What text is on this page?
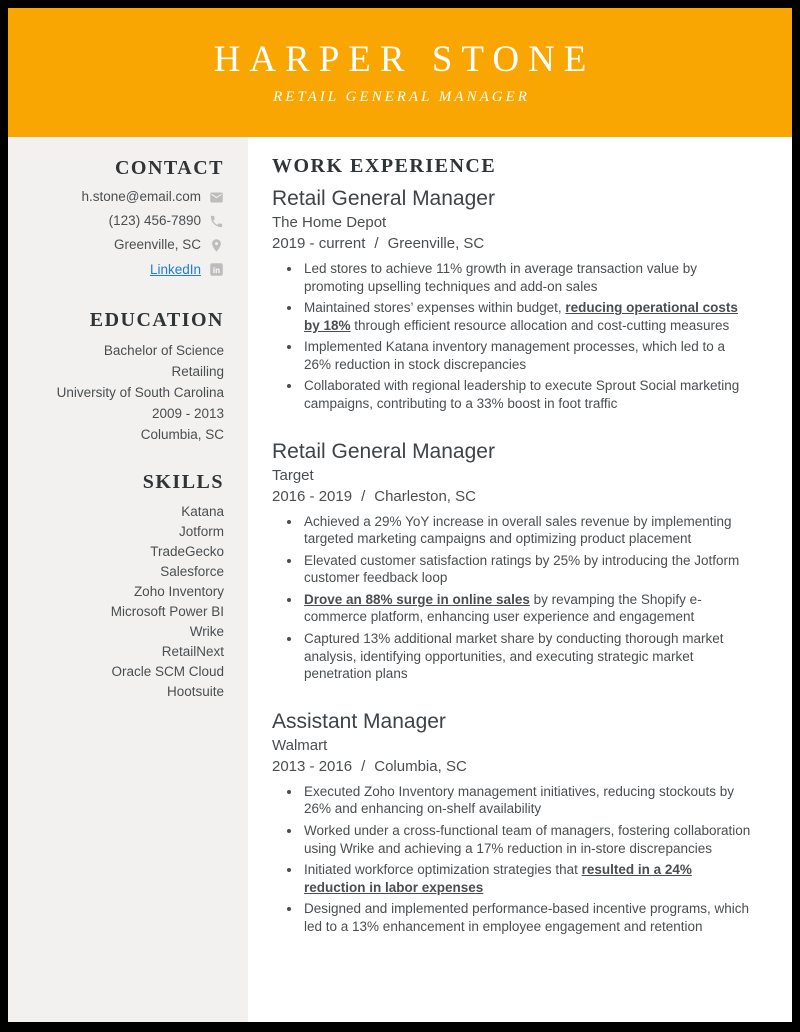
HARPER STONE
RETAIL GENERAL MANAGER
CONTACT
h.stone@email.com
(123) 456-7890
Greenville, SC
LinkedIn in
EDUCATION
Bachelor of Science
Retailing
University of South Carolina
2009 - 2013
Columbia, SC
SKILLS
Katana
Jotform
TradeGecko
Salesforce
Zoho Inventory
Microsoft Power BI
Wrike
RetailNext
Oracle SCM Cloud
Hootsuite
WORK EXPERIENCE
Retail General Manager
The Home Depot
2019 - current / Greenville, SC
• Led stores to achieve 11% growth in average transaction value by promoting upselling techniques and add-on sales
• Maintained stores’ expenses within budget, reducing operational costs by 18% through efficient resource allocation and cost-cutting measures
• Implemented Katana inventory management processes, which led to a 26% reduction in stock discrepancies
• Collaborated with regional leadership to execute Sprout Social marketing campaigns, contributing to a 33% boost in foot traffic
Retail General Manager
Target
2016 - 2019 / Charleston, SC
• Achieved a 29% YoY increase in overall sales revenue by implementing targeted marketing campaigns and optimizing product placement
• Elevated customer satisfaction ratings by 25% by introducing the Jotform customer feedback loop
• Drove an 88% surge in online sales by revamping the Shopify e-commerce platform, enhancing user experience and engagement
• Captured 13% additional market share by conducting thorough market analysis, identifying opportunities, and executing strategic market penetration plans
Assistant Manager
Walmart
2013 - 2016 / Columbia, SC
• Executed Zoho Inventory management initiatives, reducing stockouts by 26% and enhancing on-shelf availability
• Worked under a cross-functional team of managers, fostering collaboration using Wrike and achieving a 17% reduction in in-store discrepancies
• Initiated workforce optimization strategies that resulted in a 24% reduction in labor expenses
• Designed and implemented performance-based incentive programs, which led to a 13% enhancement in employee engagement and retention
